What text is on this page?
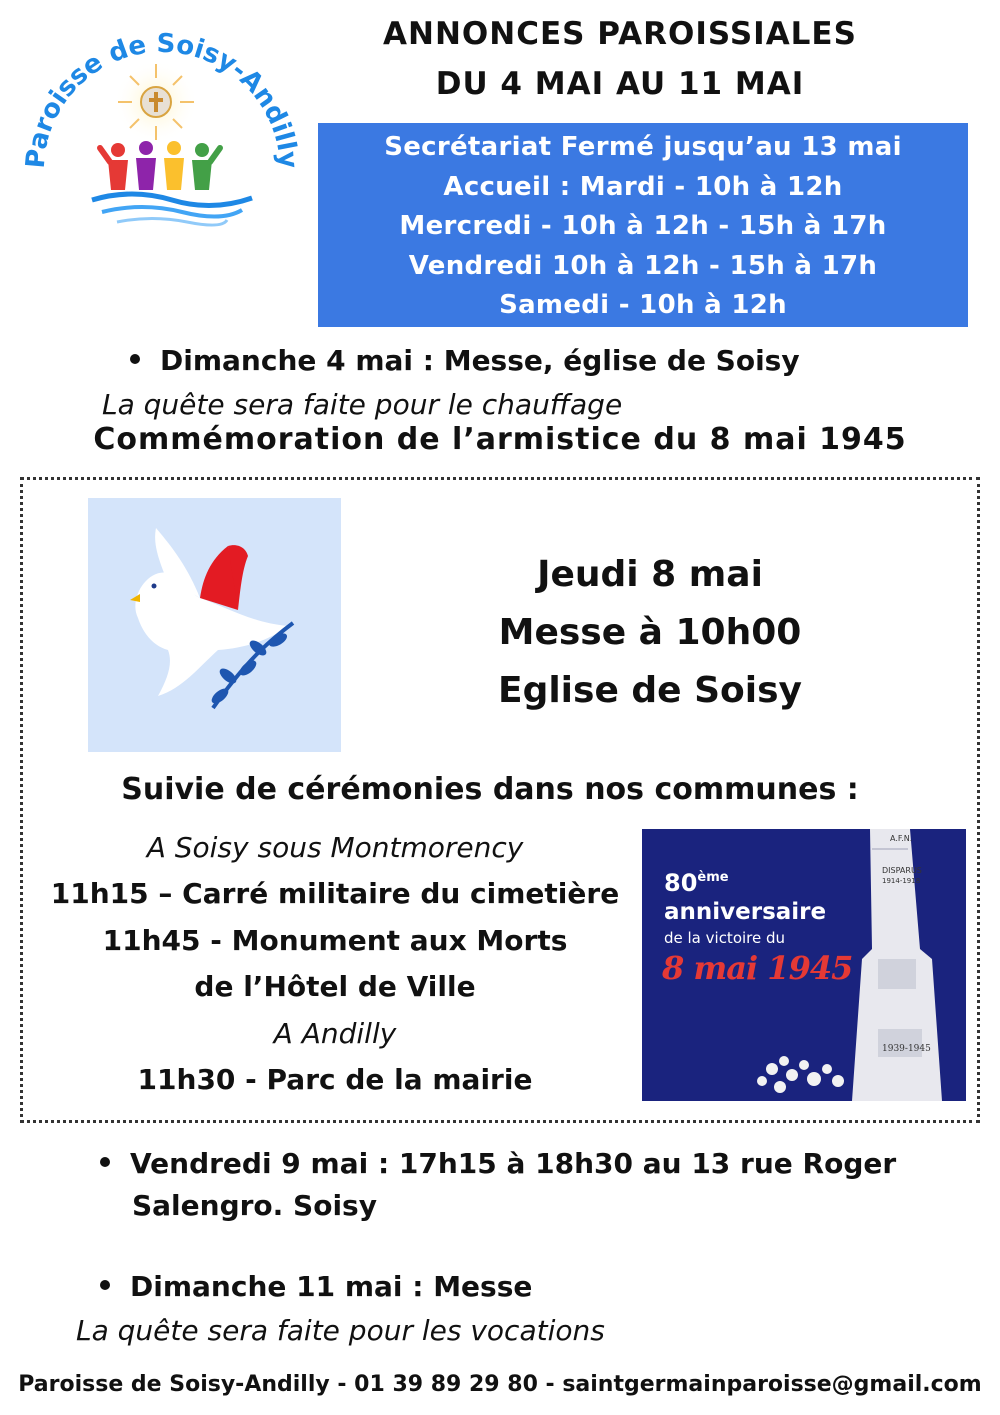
Paroisse de Soisy-Andilly
ANNONCES PAROISSIALES
DU 4 MAI AU 11 MAI
Secrétariat Fermé jusqu’au 13 mai
Accueil : Mardi - 10h à 12h
Mercredi - 10h à 12h - 15h à 17h
Vendredi 10h à 12h - 15h à 17h
Samedi - 10h à 12h
Dimanche 4 mai : Messe, église de Soisy
La quête sera faite pour le chauffage
Commémoration de l’armistice du 8 mai 1945
Jeudi 8 mai
Messe à 10h00
Eglise de Soisy
Suivie de cérémonies dans nos communes :
A Soisy sous Montmorency
11h15 – Carré militaire du cimetière
11h45 - Monument aux Morts
de l’Hôtel de Ville
A Andilly
11h30 - Parc de la mairie
A.F.N.
DISPARUS
1914-1918
1939-1945
80ème
anniversaire
de la victoire du
8 mai 1945
Vendredi 9 mai : 17h15 à 18h30 au 13 rue Roger
Salengro. Soisy
Dimanche 11 mai : Messe
La quête sera faite pour les vocations
Paroisse de Soisy-Andilly - 01 39 89 29 80 - saintgermainparoisse@gmail.com
